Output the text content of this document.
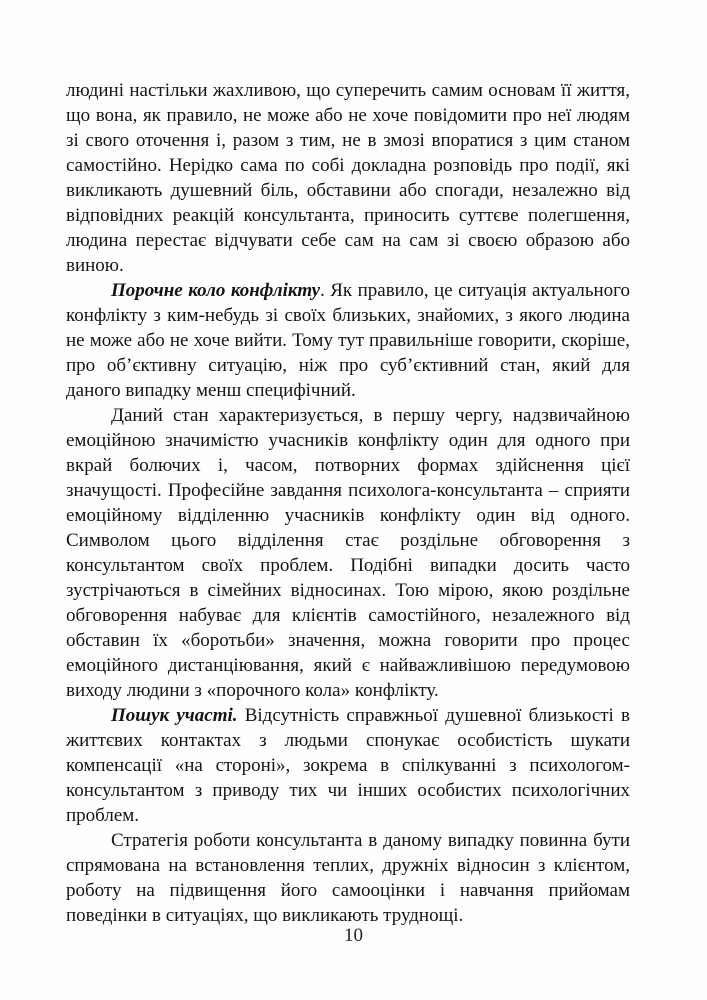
людині настільки жахливою, що суперечить самим основам її життя,
що вона, як правило, не може або не хоче повідомити про неї людям
зі свого оточення і, разом з тим, не в змозі впоратися з цим станом
самостійно. Нерідко сама по собі докладна розповідь про події, які
викликають душевний біль, обставини або спогади, незалежно від
відповідних реакцій консультанта, приносить суттєве полегшення,
людина перестає відчувати себе сам на сам зі своєю образою або
виною.
Порочне коло конфлікту. Як правило, це ситуація актуального
конфлікту з ким-небудь зі своїх близьких, знайомих, з якого людина
не може або не хоче вийти. Тому тут правильніше говорити, скоріше,
про об’єктивну ситуацію, ніж про суб’єктивний стан, який для
даного випадку менш специфічний.
Даний стан характеризується, в першу чергу, надзвичайною
емоційною значимістю учасників конфлікту один для одного при
вкрай болючих і, часом, потворних формах здійснення цієї
значущості. Професійне завдання психолога-консультанта – сприяти
емоційному відділенню учасників конфлікту один від одного.
Символом цього відділення стає роздільне обговорення з
консультантом своїх проблем. Подібні випадки досить часто
зустрічаються в сімейних відносинах. Тою мірою, якою роздільне
обговорення набуває для клієнтів самостійного, незалежного від
обставин їх «боротьби» значення, можна говорити про процес
емоційного дистанціювання, який є найважливішою передумовою
виходу людини з «порочного кола» конфлікту.
Пошук участі. Відсутність справжньої душевної близькості в
життєвих контактах з людьми спонукає особистість шукати
компенсації «на стороні», зокрема в спілкуванні з психологом-
консультантом з приводу тих чи інших особистих психологічних
проблем.
Стратегія роботи консультанта в даному випадку повинна бути
спрямована на встановлення теплих, дружніх відносин з клієнтом,
роботу на підвищення його самооцінки і навчання прийомам
поведінки в ситуаціях, що викликають труднощі.
10
